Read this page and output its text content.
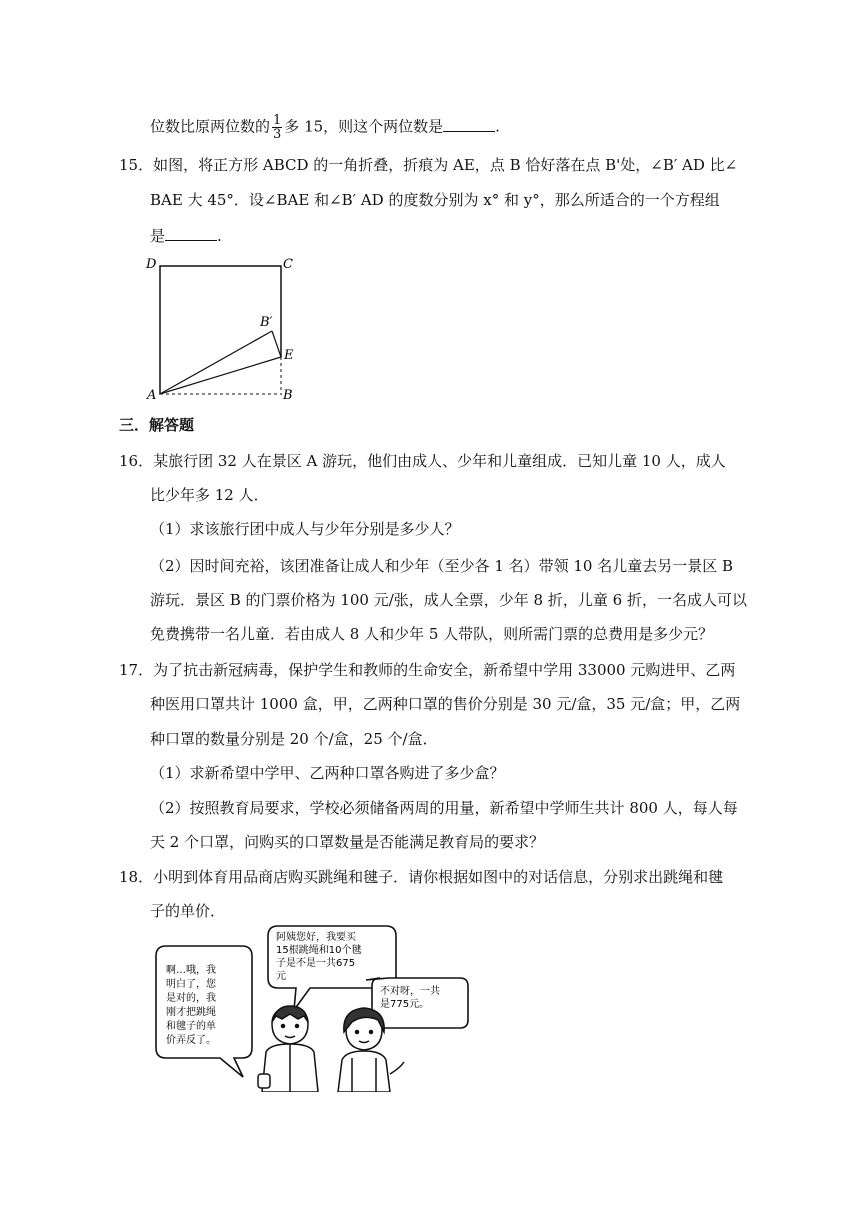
位数比原两位数的 $\frac{1}{3}$ 多 15，则这个两位数是	.
15．如图，将正方形 ABCD 的一角折叠，折痕为 AE，点 B 恰好落在点 B'处，∠B′ AD 比∠
BAE 大 45°．设∠BAE 和∠B′ AD 的度数分别为 x° 和 y°，那么所适合的一个方程组
是	.
D	C
B′
E
A	B
三．解答题
16．某旅行团 32 人在景区 A 游玩，他们由成人、少年和儿童组成．已知儿童 10 人，成人
比少年多 12 人．
（1）求该旅行团中成人与少年分别是多少人？
（2）因时间充裕，该团准备让成人和少年（至少各 1 名）带领 10 名儿童去另一景区 B
游玩．景区 B 的门票价格为 100 元/张，成人全票，少年 8 折，儿童 6 折，一名成人可以
免费携带一名儿童．若由成人 8 人和少年 5 人带队，则所需门票的总费用是多少元？
17．为了抗击新冠病毒，保护学生和教师的生命安全，新希望中学用 33000 元购进甲、乙两
种医用口罩共计 1000 盒，甲，乙两种口罩的售价分别是 30 元/盒，35 元/盒；甲，乙两
种口罩的数量分别是 20 个/盒，25 个/盒．
（1）求新希望中学甲、乙两种口罩各购进了多少盒？
（2）按照教育局要求，学校必须储备两周的用量，新希望中学师生共计 800 人，每人每
天 2 个口罩，问购买的口罩数量是否能满足教育局的要求？
18．小明到体育用品商店购买跳绳和毽子．请你根据如图中的对话信息，分别求出跳绳和毽
子的单价．
啊…哦，我 明白了，您 是对的，我 刚才把跳绳 和毽子的单 价弄反了。
阿姨您好，我要买 15根跳绳和10个毽 子是不是一共675 元
不对呀，一共 是775元。
